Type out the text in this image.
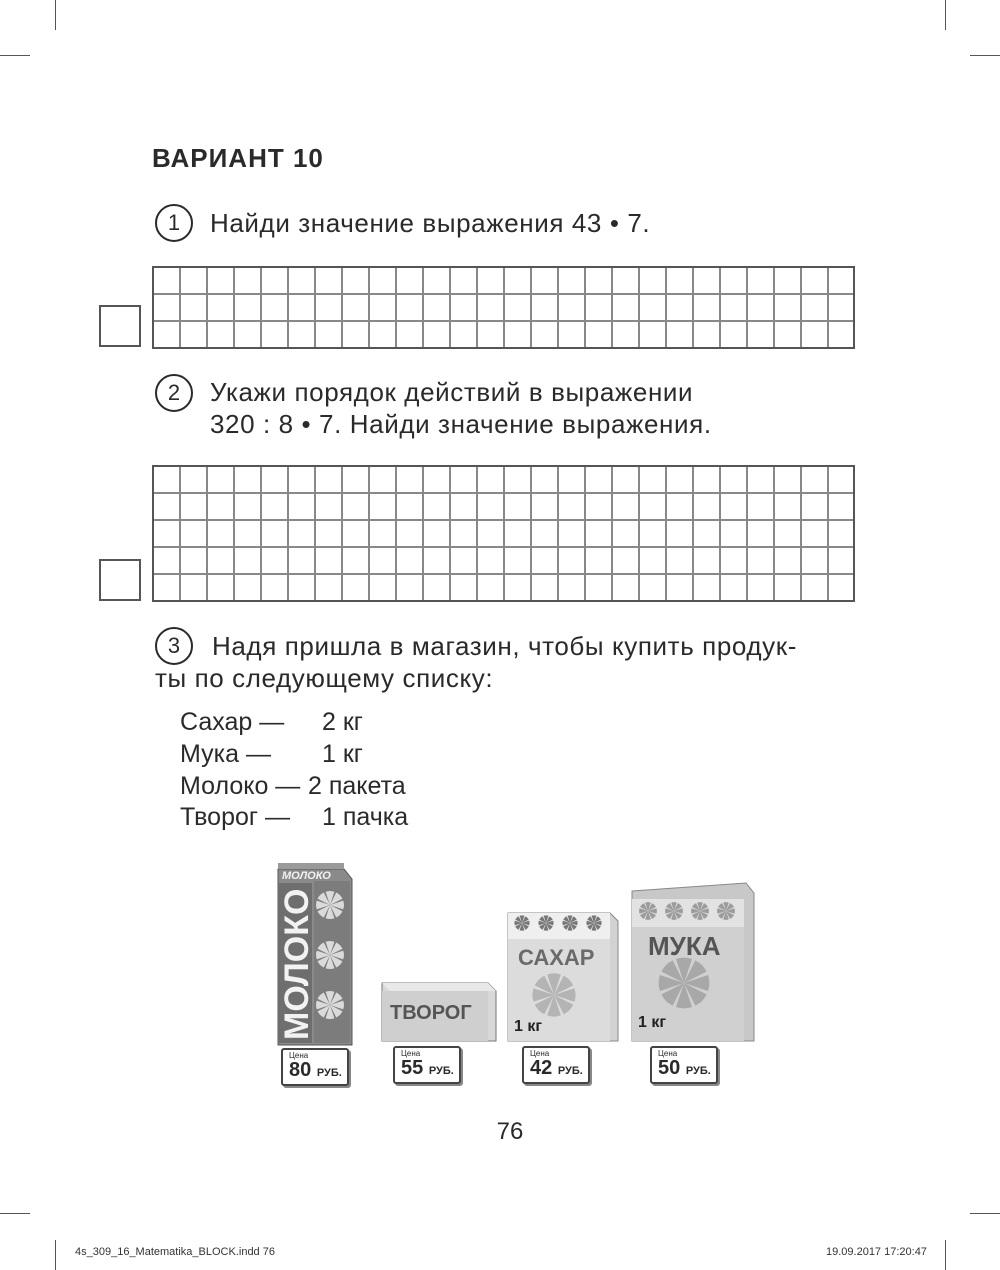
ВАРИАНТ 10
1	Найди значение выражения 43 • 7.
2	Укажи порядок действий в выражении
320 : 8 • 7. Найди значение выражения.
3	Надя пришла в магазин, чтобы купить продук-
ты по следующему списку:
Сахар — 2 кг
Мука — 1 кг
Молоко — 2 пакета
Творог — 1 пачка
МОЛОКО
МОЛОКО
ТВОРОГ
САХАР
1 кг
МУКА
1 кг
Цена
80 РУБ.
Цена
55 РУБ.
Цена
42 РУБ.
Цена
50 РУБ.
76
4s_309_16_Matematika_BLOCK.indd 76	19.09.2017 17:20:47
